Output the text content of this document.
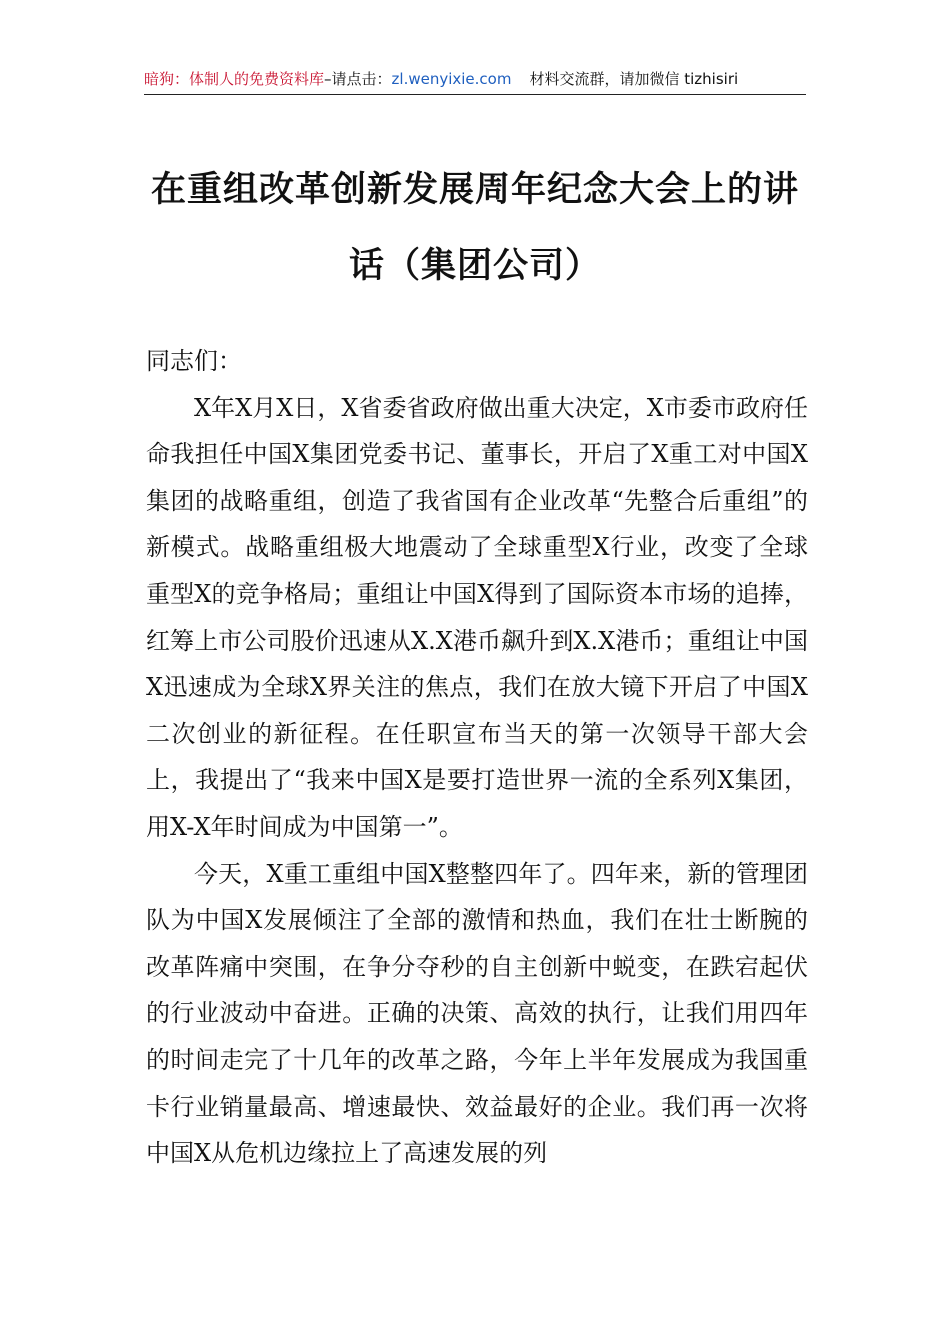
暗狗：体制人的免费资料库–请点击：zl.wenyixie.com 材料交流群，请加微信 tizhisiri
在重组改革创新发展周年纪念大会上的讲
话（集团公司）

同志们：

X年X月X日，X省委省政府做出重大决定，X市委市政府任命我担任中国X集团党委书记、董事长，开启了X重工对中国X集团的战略重组，创造了我省国有企业改革“先整合后重组”的新模式。战略重组极大地震动了全球重型X行业，改变了全球重型X的竞争格局；重组让中国X得到了国际资本市场的追捧，红筹上市公司股价迅速从X.X港币飙升到X.X港币；重组让中国X迅速成为全球X界关注的焦点，我们在放大镜下开启了中国X二次创业的新征程。在任职宣布当天的第一次领导干部大会上，我提出了“我来中国X是要打造世界一流的全系列X集团，用X-X年时间成为中国第一”。

今天，X重工重组中国X整整四年了。四年来，新的管理团队为中国X发展倾注了全部的激情和热血，我们在壮士断腕的改革阵痛中突围，在争分夺秒的自主创新中蜕变，在跌宕起伏的行业波动中奋进。正确的决策、高效的执行，让我们用四年的时间走完了十几年的改革之路，今年上半年发展成为我国重卡行业销量最高、增速最快、效益最好的企业。我们再一次将中国X从危机边缘拉上了高速发展的列
